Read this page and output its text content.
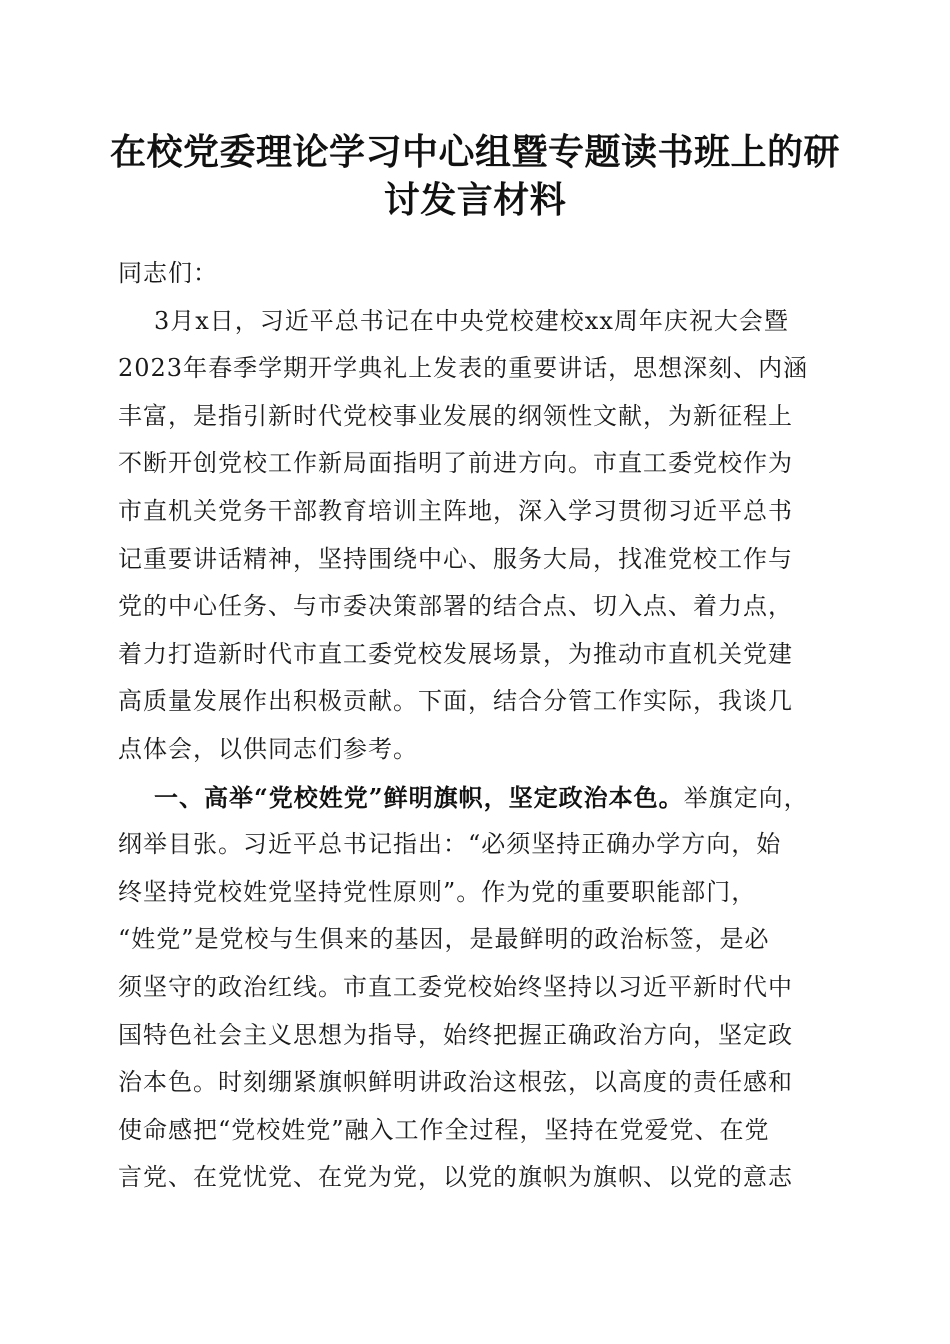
在校党委理论学习中心组暨专题读书班上的研
讨发言材料
同志们：
3月x日，习近平总书记在中央党校建校xx周年庆祝大会暨
2023年春季学期开学典礼上发表的重要讲话，思想深刻、内涵
丰富，是指引新时代党校事业发展的纲领性文献，为新征程上
不断开创党校工作新局面指明了前进方向。市直工委党校作为
市直机关党务干部教育培训主阵地，深入学习贯彻习近平总书
记重要讲话精神，坚持围绕中心、服务大局，找准党校工作与
党的中心任务、与市委决策部署的结合点、切入点、着力点，
着力打造新时代市直工委党校发展场景，为推动市直机关党建
高质量发展作出积极贡献。下面，结合分管工作实际，我谈几
点体会，以供同志们参考。
一、高举“党校姓党”鲜明旗帜，坚定政治本色。举旗定向，
纲举目张。习近平总书记指出：“必须坚持正确办学方向，始
终坚持党校姓党坚持党性原则”。作为党的重要职能部门，
“姓党”是党校与生俱来的基因，是最鲜明的政治标签，是必
须坚守的政治红线。市直工委党校始终坚持以习近平新时代中
国特色社会主义思想为指导，始终把握正确政治方向，坚定政
治本色。时刻绷紧旗帜鲜明讲政治这根弦，以高度的责任感和
使命感把“党校姓党”融入工作全过程，坚持在党爱党、在党
言党、在党忧党、在党为党，以党的旗帜为旗帜、以党的意志
